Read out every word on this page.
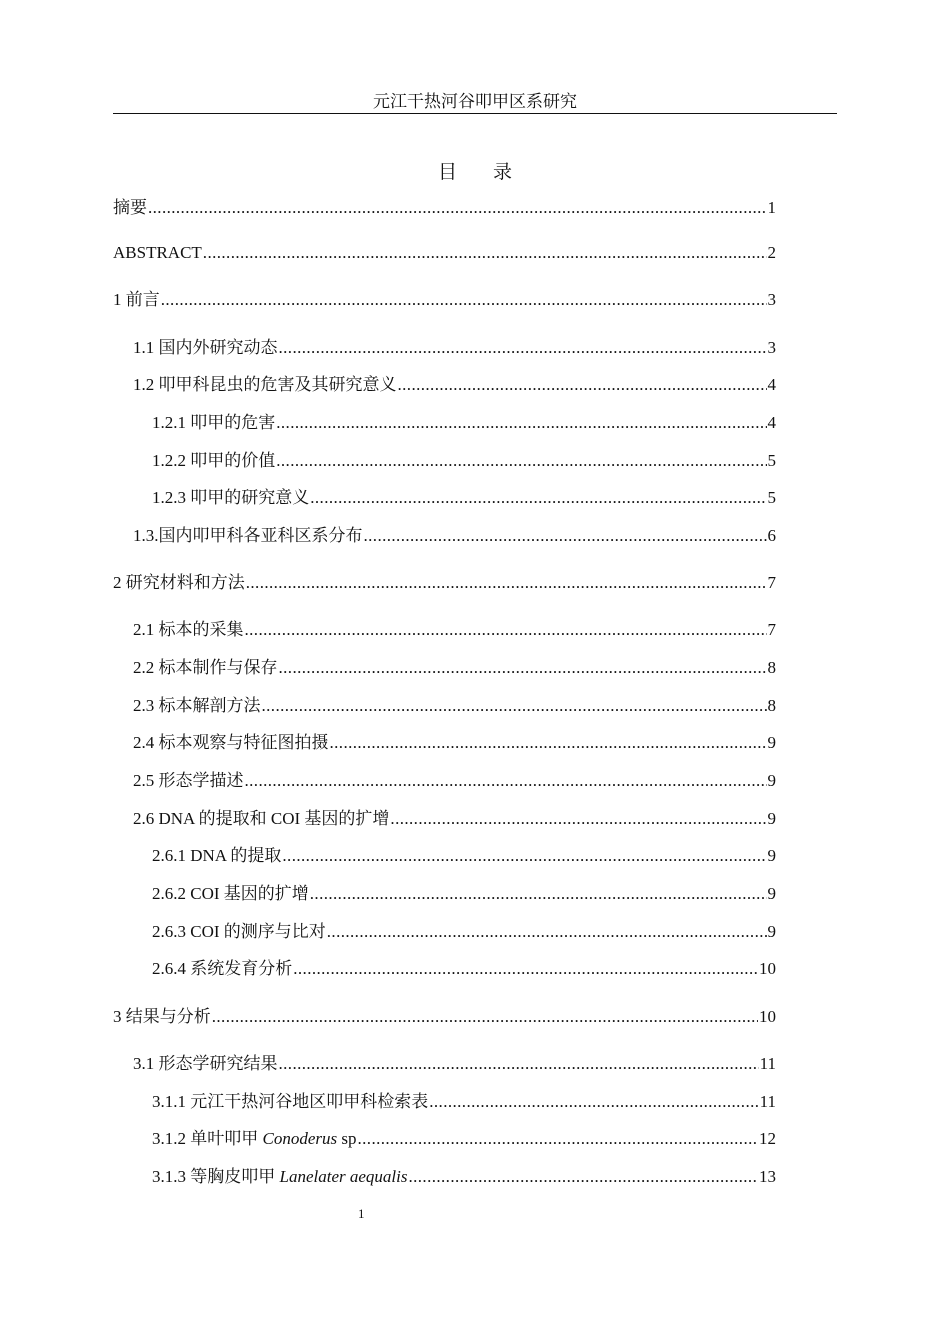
元江干热河谷叩甲区系研究
目 录
摘要 .....	1
ABSTRACT .....	2
1 前言 .....	3
1.1 国内外研究动态 .....	3
1.2 叩甲科昆虫的危害及其研究意义 .....	4
1.2.1 叩甲的危害 .....	4
1.2.2 叩甲的价值 .....	5
1.2.3 叩甲的研究意义 .....	5
1.3.国内叩甲科各亚科区系分布 .....	6
2 研究材料和方法 .....	7
2.1 标本的采集 .....	7
2.2 标本制作与保存 .....	8
2.3 标本解剖方法 .....	8
2.4 标本观察与特征图拍摄 .....	9
2.5 形态学描述 .....	9
2.6 DNA 的提取和 COI 基因的扩增 .....	9
2.6.1 DNA 的提取 .....	9
2.6.2 COI 基因的扩增 .....	9
2.6.3 COI 的测序与比对 .....	9
2.6.4 系统发育分析 .....	10
3 结果与分析 .....	10
3.1 形态学研究结果 .....	11
3.1.1 元江干热河谷地区叩甲科检索表 .....	11
3.1.2 单叶叩甲 Conoderus sp .....	12
3.1.3 等胸皮叩甲 Lanelater aequalis .....	13
1
